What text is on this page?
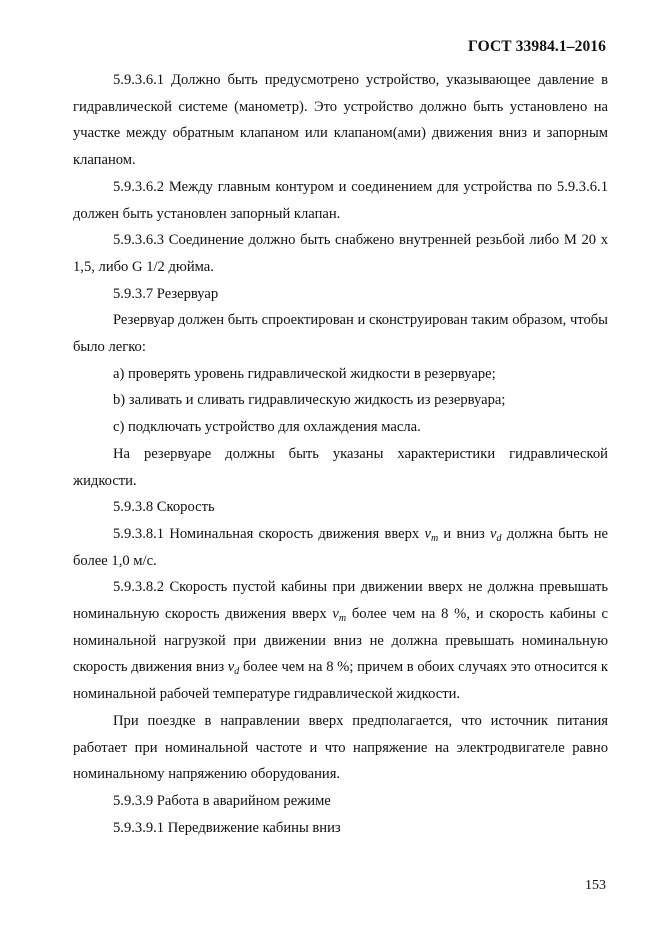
ГОСТ 33984.1–2016

5.9.3.6.1 Должно быть предусмотрено устройство, указывающее давление в гидравлической системе (манометр). Это устройство должно быть установлено на участке между обратным клапаном или клапаном(ами) движения вниз и запорным клапаном.

5.9.3.6.2 Между главным контуром и соединением для устройства по 5.9.3.6.1 должен быть установлен запорный клапан.

5.9.3.6.3 Соединение должно быть снабжено внутренней резьбой либо М 20 х 1,5, либо G 1/2 дюйма.

5.9.3.7 Резервуар

Резервуар должен быть спроектирован и сконструирован таким образом, чтобы было легко:

а) проверять уровень гидравлической жидкости в резервуаре;

b) заливать и сливать гидравлическую жидкость из резервуара;

с) подключать устройство для охлаждения масла.

На резервуаре должны быть указаны характеристики гидравлической жидкости.

5.9.3.8 Скорость

5.9.3.8.1 Номинальная скорость движения вверх $v_m$ и вниз $v_d$ должна быть не более 1,0 м/с.

5.9.3.8.2 Скорость пустой кабины при движении вверх не должна превышать номинальную скорость движения вверх $v_m$ более чем на 8 %, и скорость кабины с номинальной нагрузкой при движении вниз не должна превышать номинальную скорость движения вниз $v_d$ более чем на 8 %; причем в обоих случаях это относится к номинальной рабочей температуре гидравлической жидкости.

При поездке в направлении вверх предполагается, что источник питания работает при номинальной частоте и что напряжение на электродвигателе равно номинальному напряжению оборудования.

5.9.3.9 Работа в аварийном режиме

5.9.3.9.1 Передвижение кабины вниз

153
